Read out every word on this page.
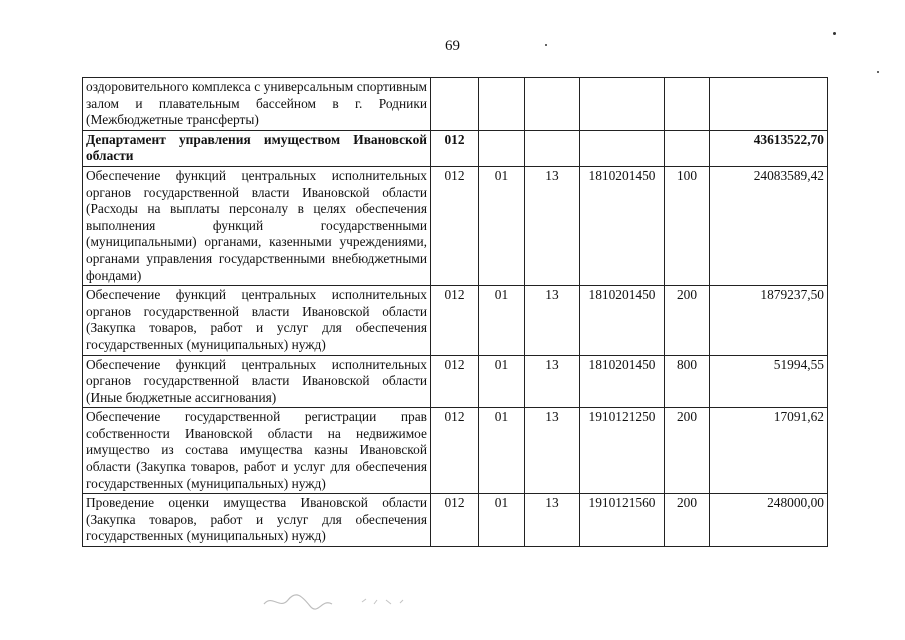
69
оздоровительного комплекса с универсальным спортивным залом и плавательным бассейном в г. Родники (Межбюджетные трансферты)						
Департамент управления имуществом Ивановской области	012					43613522,70
Обеспечение функций центральных исполнительных органов государственной власти Ивановской области (Расходы на выплаты персоналу в целях обеспечения выполнения функций государственными (муниципальными) органами, казенными учреждениями, органами управления государственными внебюджетными фондами)	012	01	13	1810201450	100	24083589,42
Обеспечение функций центральных исполнительных органов государственной власти Ивановской области (Закупка товаров, работ и услуг для обеспечения государственных (муниципальных) нужд)	012	01	13	1810201450	200	1879237,50
Обеспечение функций центральных исполнительных органов государственной власти Ивановской области (Иные бюджетные ассигнования)	012	01	13	1810201450	800	51994,55
Обеспечение государственной регистрации прав собственности Ивановской области на недвижимое имущество из состава имущества казны Ивановской области (Закупка товаров, работ и услуг для обеспечения государственных (муниципальных) нужд)	012	01	13	1910121250	200	17091,62
Проведение оценки имущества Ивановской области (Закупка товаров, работ и услуг для обеспечения государственных (муниципальных) нужд)	012	01	13	1910121560	200	248000,00
